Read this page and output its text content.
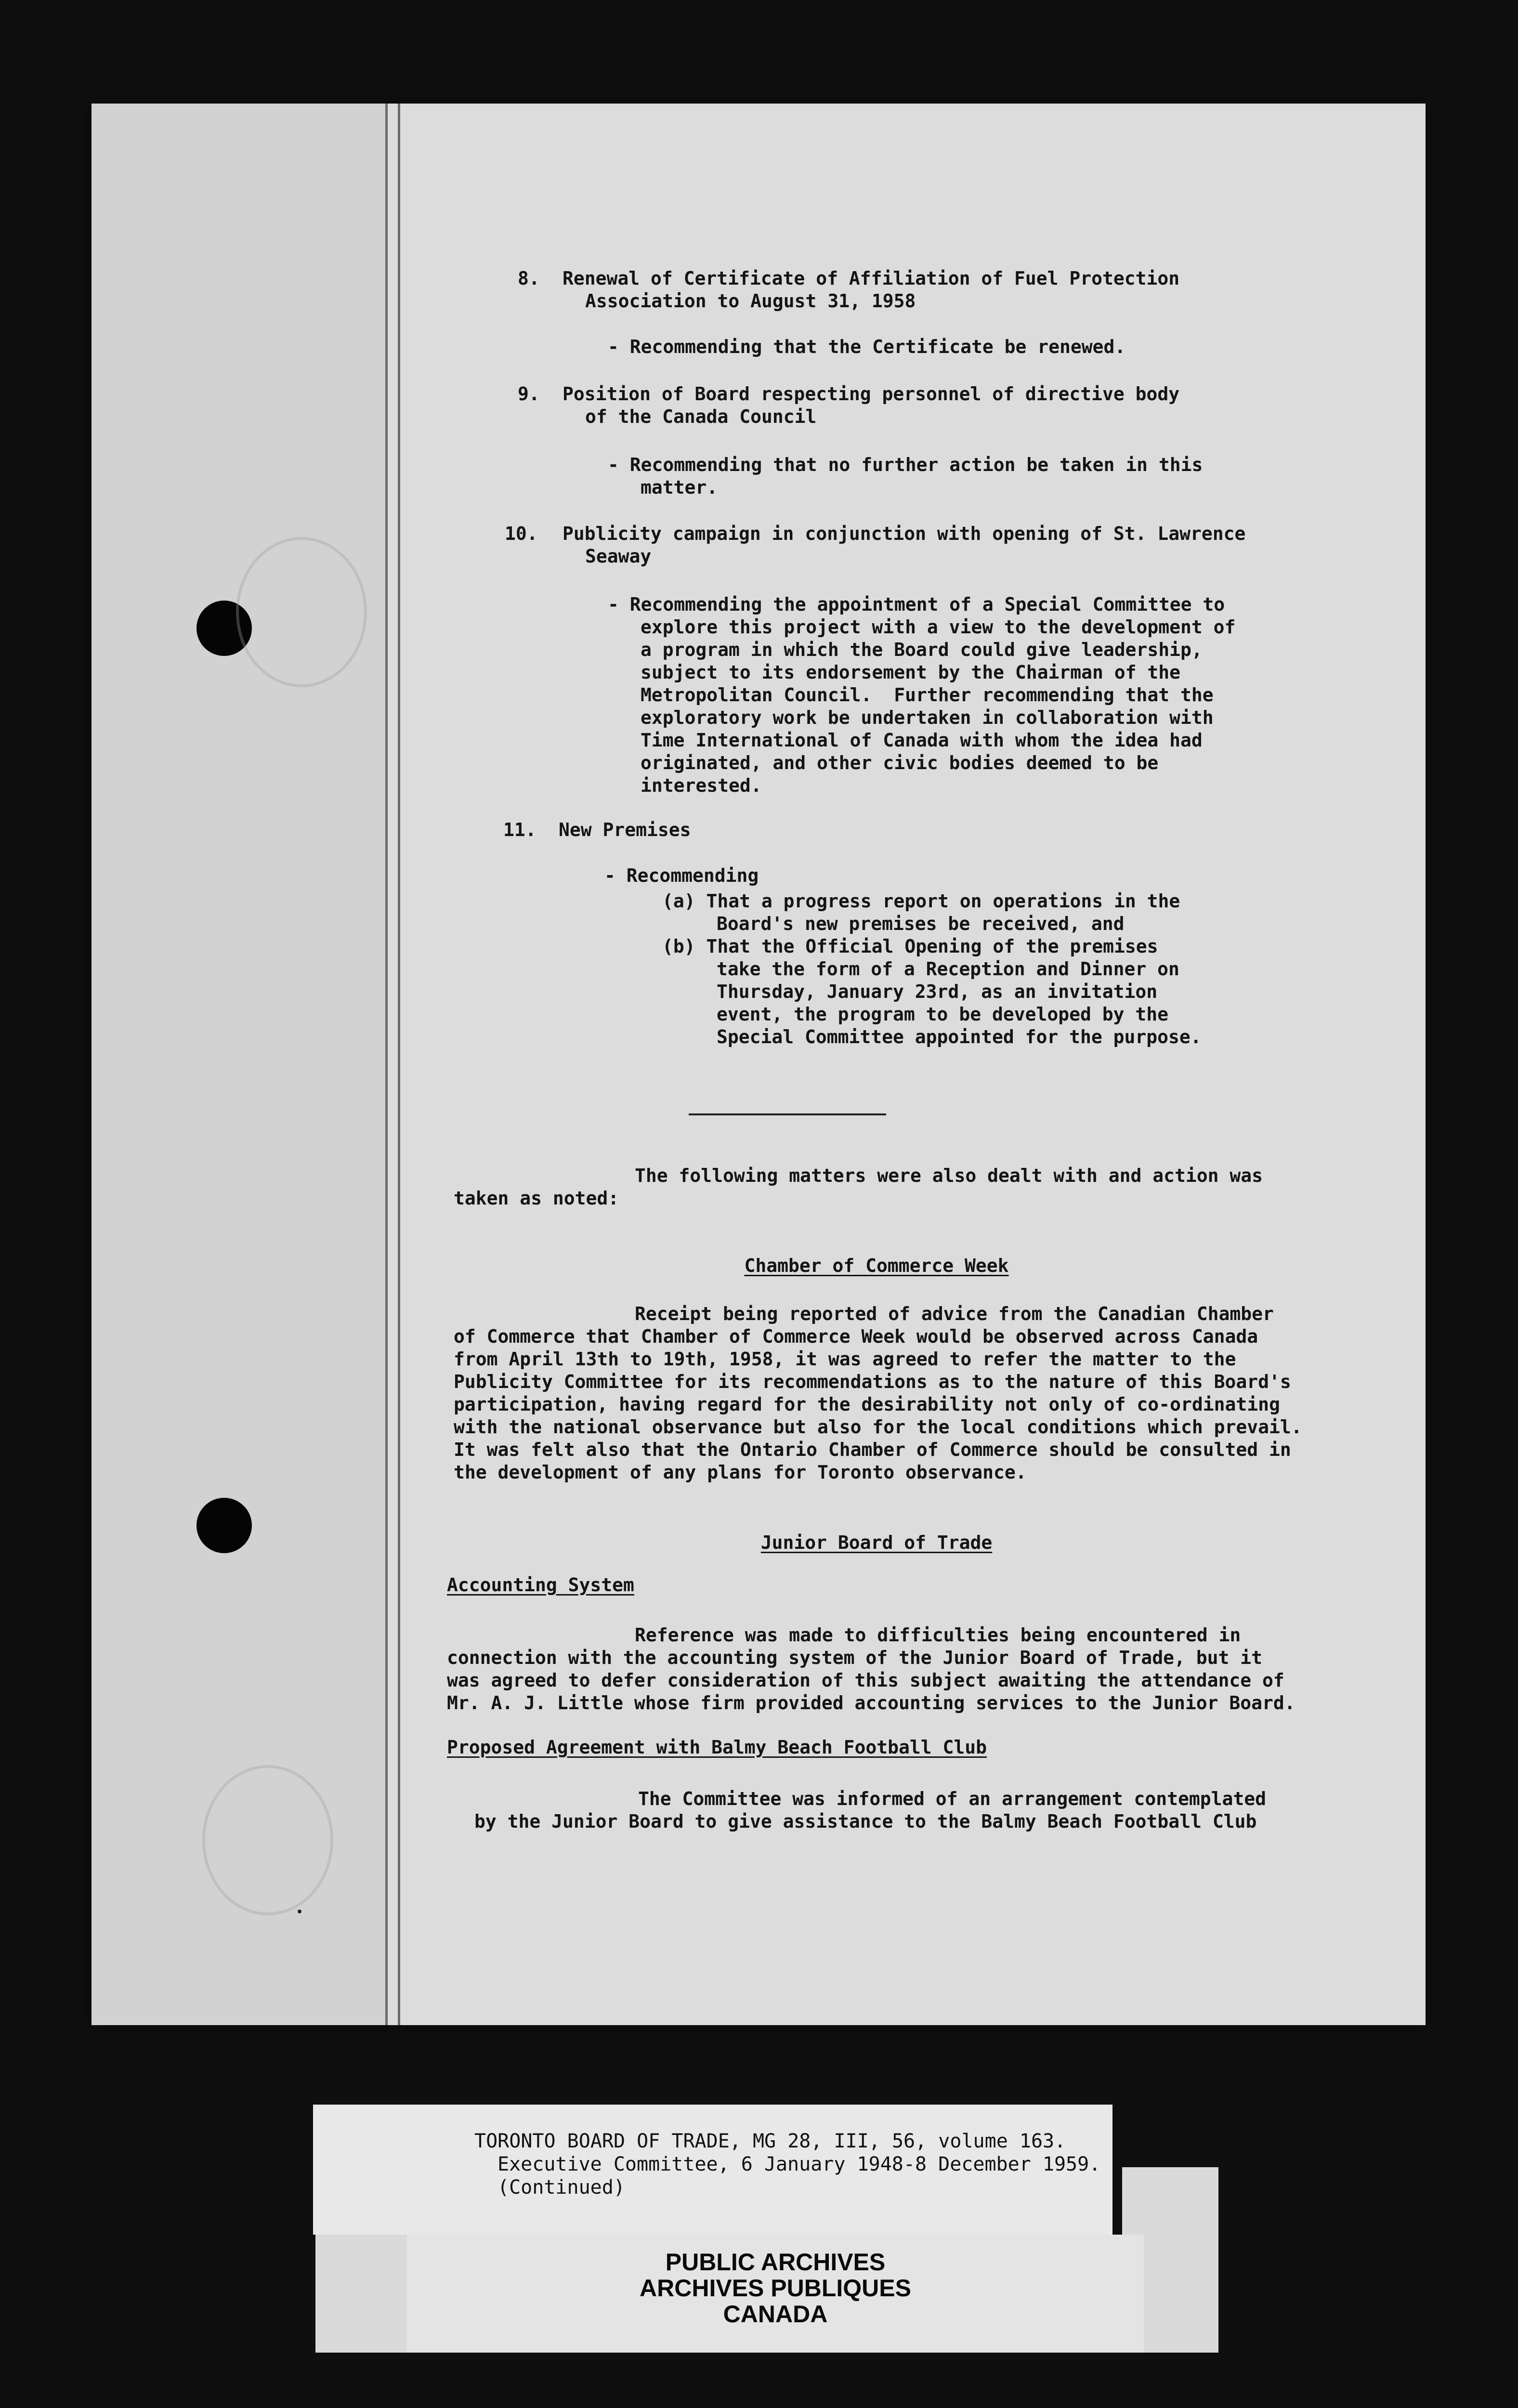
8. Renewal of Certificate of Affiliation of Fuel Protection
Association to August 31, 1958
- Recommending that the Certificate be renewed.
9. Position of Board respecting personnel of directive body
of the Canada Council
- Recommending that no further action be taken in this
matter.
10. Publicity campaign in conjunction with opening of St. Lawrence
Seaway
- Recommending the appointment of a Special Committee to
explore this project with a view to the development of
a program in which the Board could give leadership,
subject to its endorsement by the Chairman of the
Metropolitan Council.  Further recommending that the
exploratory work be undertaken in collaboration with
Time International of Canada with whom the idea had
originated, and other civic bodies deemed to be
interested.
11. New Premises
- Recommending
(a) That a progress report on operations in the
Board's new premises be received, and
(b) That the Official Opening of the premises
take the form of a Reception and Dinner on
Thursday, January 23rd, as an invitation
event, the program to be developed by the
Special Committee appointed for the purpose.
The following matters were also dealt with and action was
taken as noted:
Chamber of Commerce Week
Receipt being reported of advice from the Canadian Chamber
of Commerce that Chamber of Commerce Week would be observed across Canada
from April 13th to 19th, 1958, it was agreed to refer the matter to the
Publicity Committee for its recommendations as to the nature of this Board's
participation, having regard for the desirability not only of co-ordinating
with the national observance but also for the local conditions which prevail.
It was felt also that the Ontario Chamber of Commerce should be consulted in
the development of any plans for Toronto observance.
Junior Board of Trade
Accounting System
Reference was made to difficulties being encountered in
connection with the accounting system of the Junior Board of Trade, but it
was agreed to defer consideration of this subject awaiting the attendance of
Mr. A. J. Little whose firm provided accounting services to the Junior Board.
Proposed Agreement with Balmy Beach Football Club
The Committee was informed of an arrangement contemplated
by the Junior Board to give assistance to the Balmy Beach Football Club
TORONTO BOARD OF TRADE, MG 28, III, 56, volume 163.
Executive Committee, 6 January 1948-8 December 1959.
(Continued)
PUBLIC ARCHIVES
ARCHIVES PUBLIQUES
CANADA
